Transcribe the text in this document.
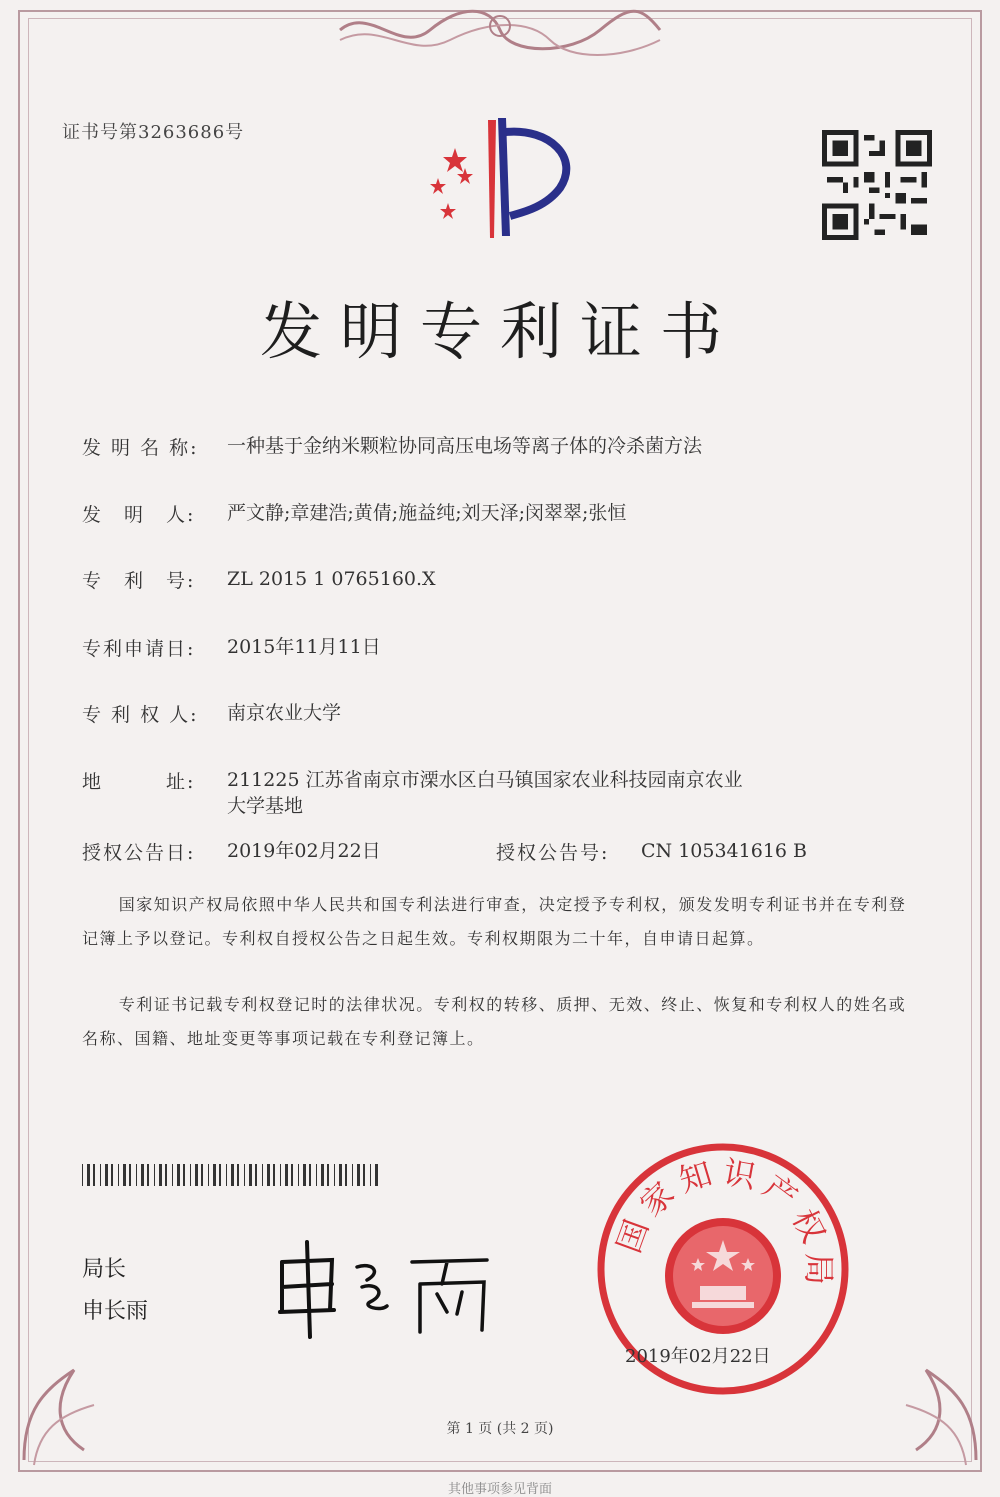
证书号第3263686号
发明专利证书
发 明 名 称: 一种基于金纳米颗粒协同高压电场等离子体的冷杀菌方法
发　明　人: 严文静;章建浩;黄倩;施益纯;刘天泽;闵翠翠;张恒
专　利　号: ZL 2015 1 0765160.X
专利申请日: 2015年11月11日
专 利 权 人: 南京农业大学
地　　　址: 211225 江苏省南京市溧水区白马镇国家农业科技园南京农业大学基地
授权公告日: 2019年02月22日	授权公告号: CN 105341616 B
国家知识产权局依照中华人民共和国专利法进行审查，决定授予专利权，颁发发明专利证书并在专利登记簿上予以登记。专利权自授权公告之日起生效。专利权期限为二十年，自申请日起算。
专利证书记载专利权登记时的法律状况。专利权的转移、质押、无效、终止、恢复和专利权人的姓名或名称、国籍、地址变更等事项记载在专利登记簿上。
局长
申长雨
国
家
知 识
产
权
局
2019年02月22日
第 1 页 (共 2 页)
其他事项参见背面
